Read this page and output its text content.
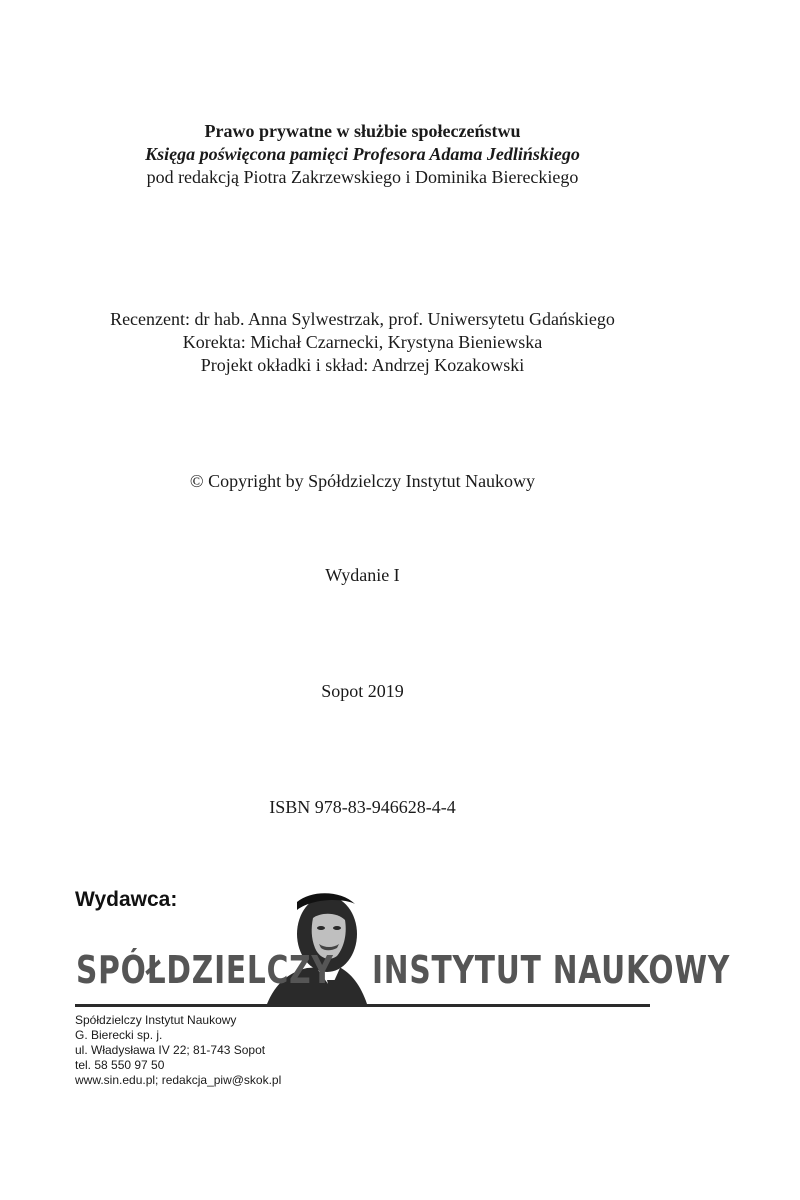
Prawo prywatne w służbie społeczeństwu
Księga poświęcona pamięci Profesora Adama Jedlińskiego
pod redakcją Piotra Zakrzewskiego i Dominika Biereckiego
Recenzent: dr hab. Anna Sylwestrzak, prof. Uniwersytetu Gdańskiego
Korekta: Michał Czarnecki, Krystyna Bieniewska
Projekt okładki i skład: Andrzej Kozakowski
© Copyright by Spółdzielczy Instytut Naukowy
Wydanie I
Sopot 2019
ISBN 978-83-946628-4-4
Wydawca:
SPÓŁDZIELCZY INSTYTUT NAUKOWY
Spółdzielczy Instytut Naukowy
G. Bierecki sp. j.
ul. Władysława IV 22; 81-743 Sopot
tel. 58 550 97 50
www.sin.edu.pl; redakcja_piw@skok.pl
